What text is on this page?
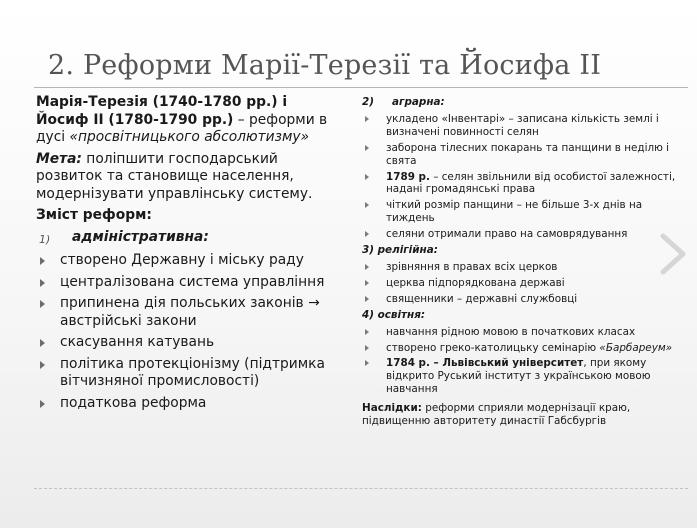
2. Реформи Марії-Терезії та Йосифа ІІ

Марія-Терезія (1740-1780 рр.) і Йосиф ІІ (1780-1790 рр.) – реформи в дусі «просвітницького абсолютизму»

Мета: поліпшити господарський розвиток та становище населення, модернізувати управлінську систему.

Зміст реформ:

1) адміністративна:
створено Державну і міську раду
централізована система управління
припинена дія польських законів → австрійські закони
скасування катувань
політика протекціонізму (підтримка вітчизняної промисловості)
податкова реформа
2) аграрна:
укладено «Інвентарі» – записана кількість землі і визначені повинності селян
заборона тілесних покарань та панщини в неділю і свята
1789 р. – селян звільнили від особистої залежності, надані громадянські права
чіткий розмір панщини – не більше 3-х днів на тиждень
селяни отримали право на самоврядування
3) релігійна:
зрівняння в правах всіх церков
церква підпорядкована державі
священники – державні службовці
4) освітня:
навчання рідною мовою в початкових класах
створено греко-католицьку семінарію «Барбареум»
1784 р. – Львівський університет, при якому відкрито Руський інститут з українською мовою навчання
Наслідки: реформи сприяли модернізації краю, підвищенню авторитету династії Габсбургів
